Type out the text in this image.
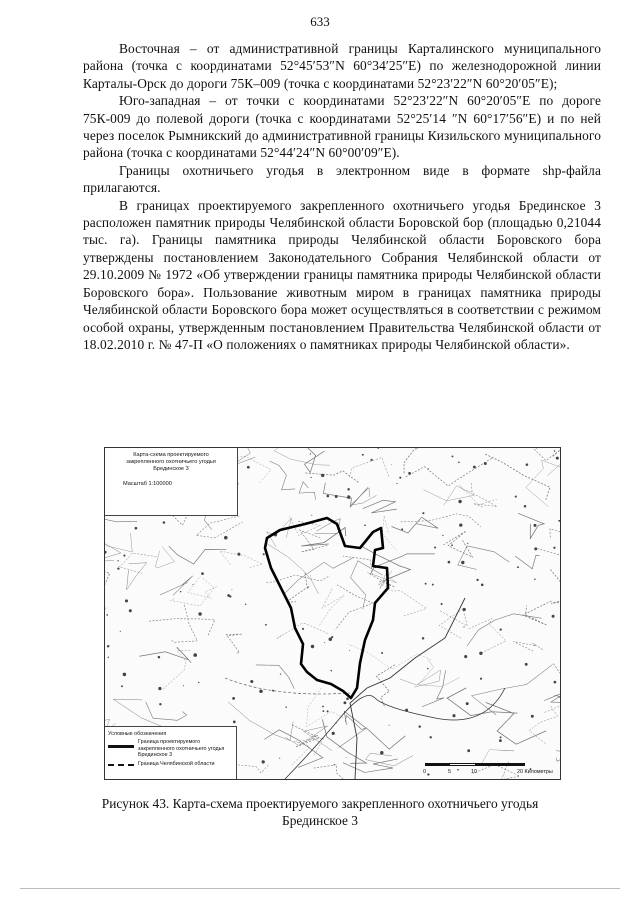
633

Восточная – от административной границы Карталинского муниципального района (точка с координатами 52°45′53″N 60°34′25″E) по железнодорожной линии Карталы-Орск до дороги 75К–009 (точка с координатами 52°23′22″N 60°20′05″E);

Юго-западная – от точки с координатами 52°23′22″N 60°20′05″E по дороге 75К-009 до полевой дороги (точка с координатами 52°25′14 ″N 60°17′56″E) и по ней через поселок Рымникский до административной границы Кизильского муниципального района (точка с координатами 52°44′24″N 60°00′09″E).

Границы охотничьего угодья в электронном виде в формате shp-файла прилагаются.

В границах проектируемого закрепленного охотничьего угодья Брединское 3 расположен памятник природы Челябинской области Боровской бор (площадью 0,21044 тыс. га). Границы памятника природы Челябинской области Боровского бора утверждены постановлением Законодательного Собрания Челябинской области от 29.10.2009 № 1972 «Об утверждении границы памятника природы Челябинской области Боровского бора». Пользование животным миром в границах памятника природы Челябинской области Боровского бора может осуществляться в соответствии с режимом особой охраны, утвержденным постановлением Правительства Челябинской области от 18.02.2010 г. № 47-П «О положениях о памятниках природы Челябинской области».

Карта-схема проектируемого
закрепленного охотничьего угодья
Брединское 3
Масштаб 1:100000
Условные обозначения
Граница проектируемого
закрепленного охотничьего угодья
Брединское 3
Граница Челябинской области
0	5	10	20 Километры
Рисунок 43. Карта-схема проектируемого закрепленного охотничьего угодья
Брединское 3
